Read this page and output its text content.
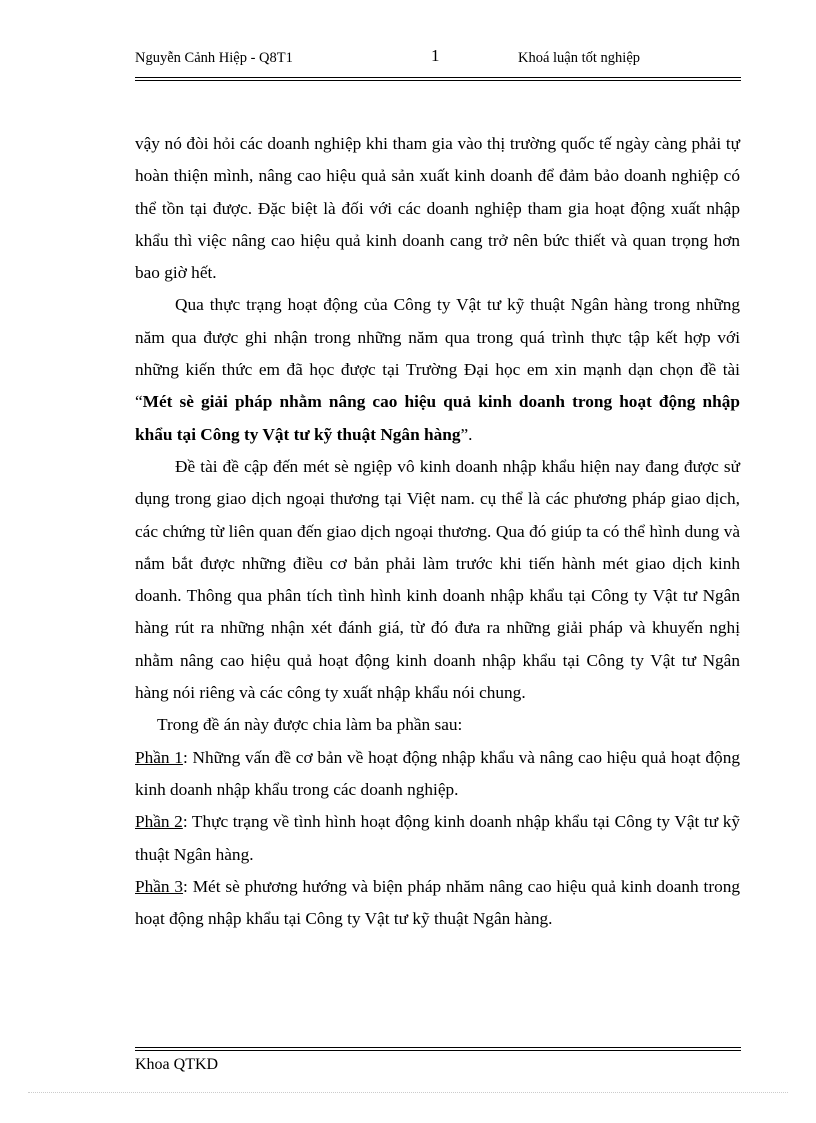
Nguyễn Cảnh Hiệp - Q8T1	1	Khoá luận tốt nghiệp

vậy nó đòi hỏi các doanh nghiệp khi tham gia vào thị trường quốc tế ngày càng phải tự hoàn thiện mình, nâng cao hiệu quả sản xuất kinh doanh để đảm bảo doanh nghiệp có thể tồn tại được. Đặc biệt là đối với các doanh nghiệp tham gia hoạt động xuất nhập khẩu thì việc nâng cao hiệu quả kinh doanh cang trở nên bức thiết và quan trọng hơn bao giờ hết.

Qua thực trạng hoạt động của Công ty Vật tư kỹ thuật Ngân hàng trong những năm qua được ghi nhận trong những năm qua trong quá trình thực tập kết hợp với những kiến thức em đã học được tại Trường Đại học em xin mạnh dạn chọn đề tài “Mét sè giải pháp nhằm nâng cao hiệu quả kinh doanh trong hoạt động nhập khẩu tại Công ty Vật tư kỹ thuật Ngân hàng”.

Đề tài đề cập đến mét sè ngiệp vô kinh doanh nhập khẩu hiện nay đang được sử dụng trong giao dịch ngoại thương tại Việt nam. cụ thể là các phương pháp giao dịch, các chứng từ liên quan đến giao dịch ngoại thương. Qua đó giúp ta có thể hình dung và nắm bắt được những điều cơ bản phải làm trước khi tiến hành mét giao dịch kinh doanh. Thông qua phân tích tình hình kinh doanh nhập khẩu tại Công ty Vật tư Ngân hàng rút ra những nhận xét đánh giá, từ đó đưa ra những giải pháp và khuyến nghị nhằm nâng cao hiệu quả hoạt động kinh doanh nhập khẩu tại Công ty Vật tư Ngân hàng nói riêng và các công ty xuất nhập khẩu nói chung.

Trong đề án này được chia làm ba phần sau:

Phần 1: Những vấn đề cơ bản về hoạt động nhập khẩu và nâng cao hiệu quả hoạt động kinh doanh nhập khẩu trong các doanh nghiệp.

Phần 2: Thực trạng về tình hình hoạt động kinh doanh nhập khẩu tại Công ty Vật tư kỹ thuật Ngân hàng.

Phần 3: Mét sè phương hướng và biện pháp nhăm nâng cao hiệu quả kinh doanh trong hoạt động nhập khẩu tại Công ty Vật tư kỹ thuật Ngân hàng.

Khoa QTKD
